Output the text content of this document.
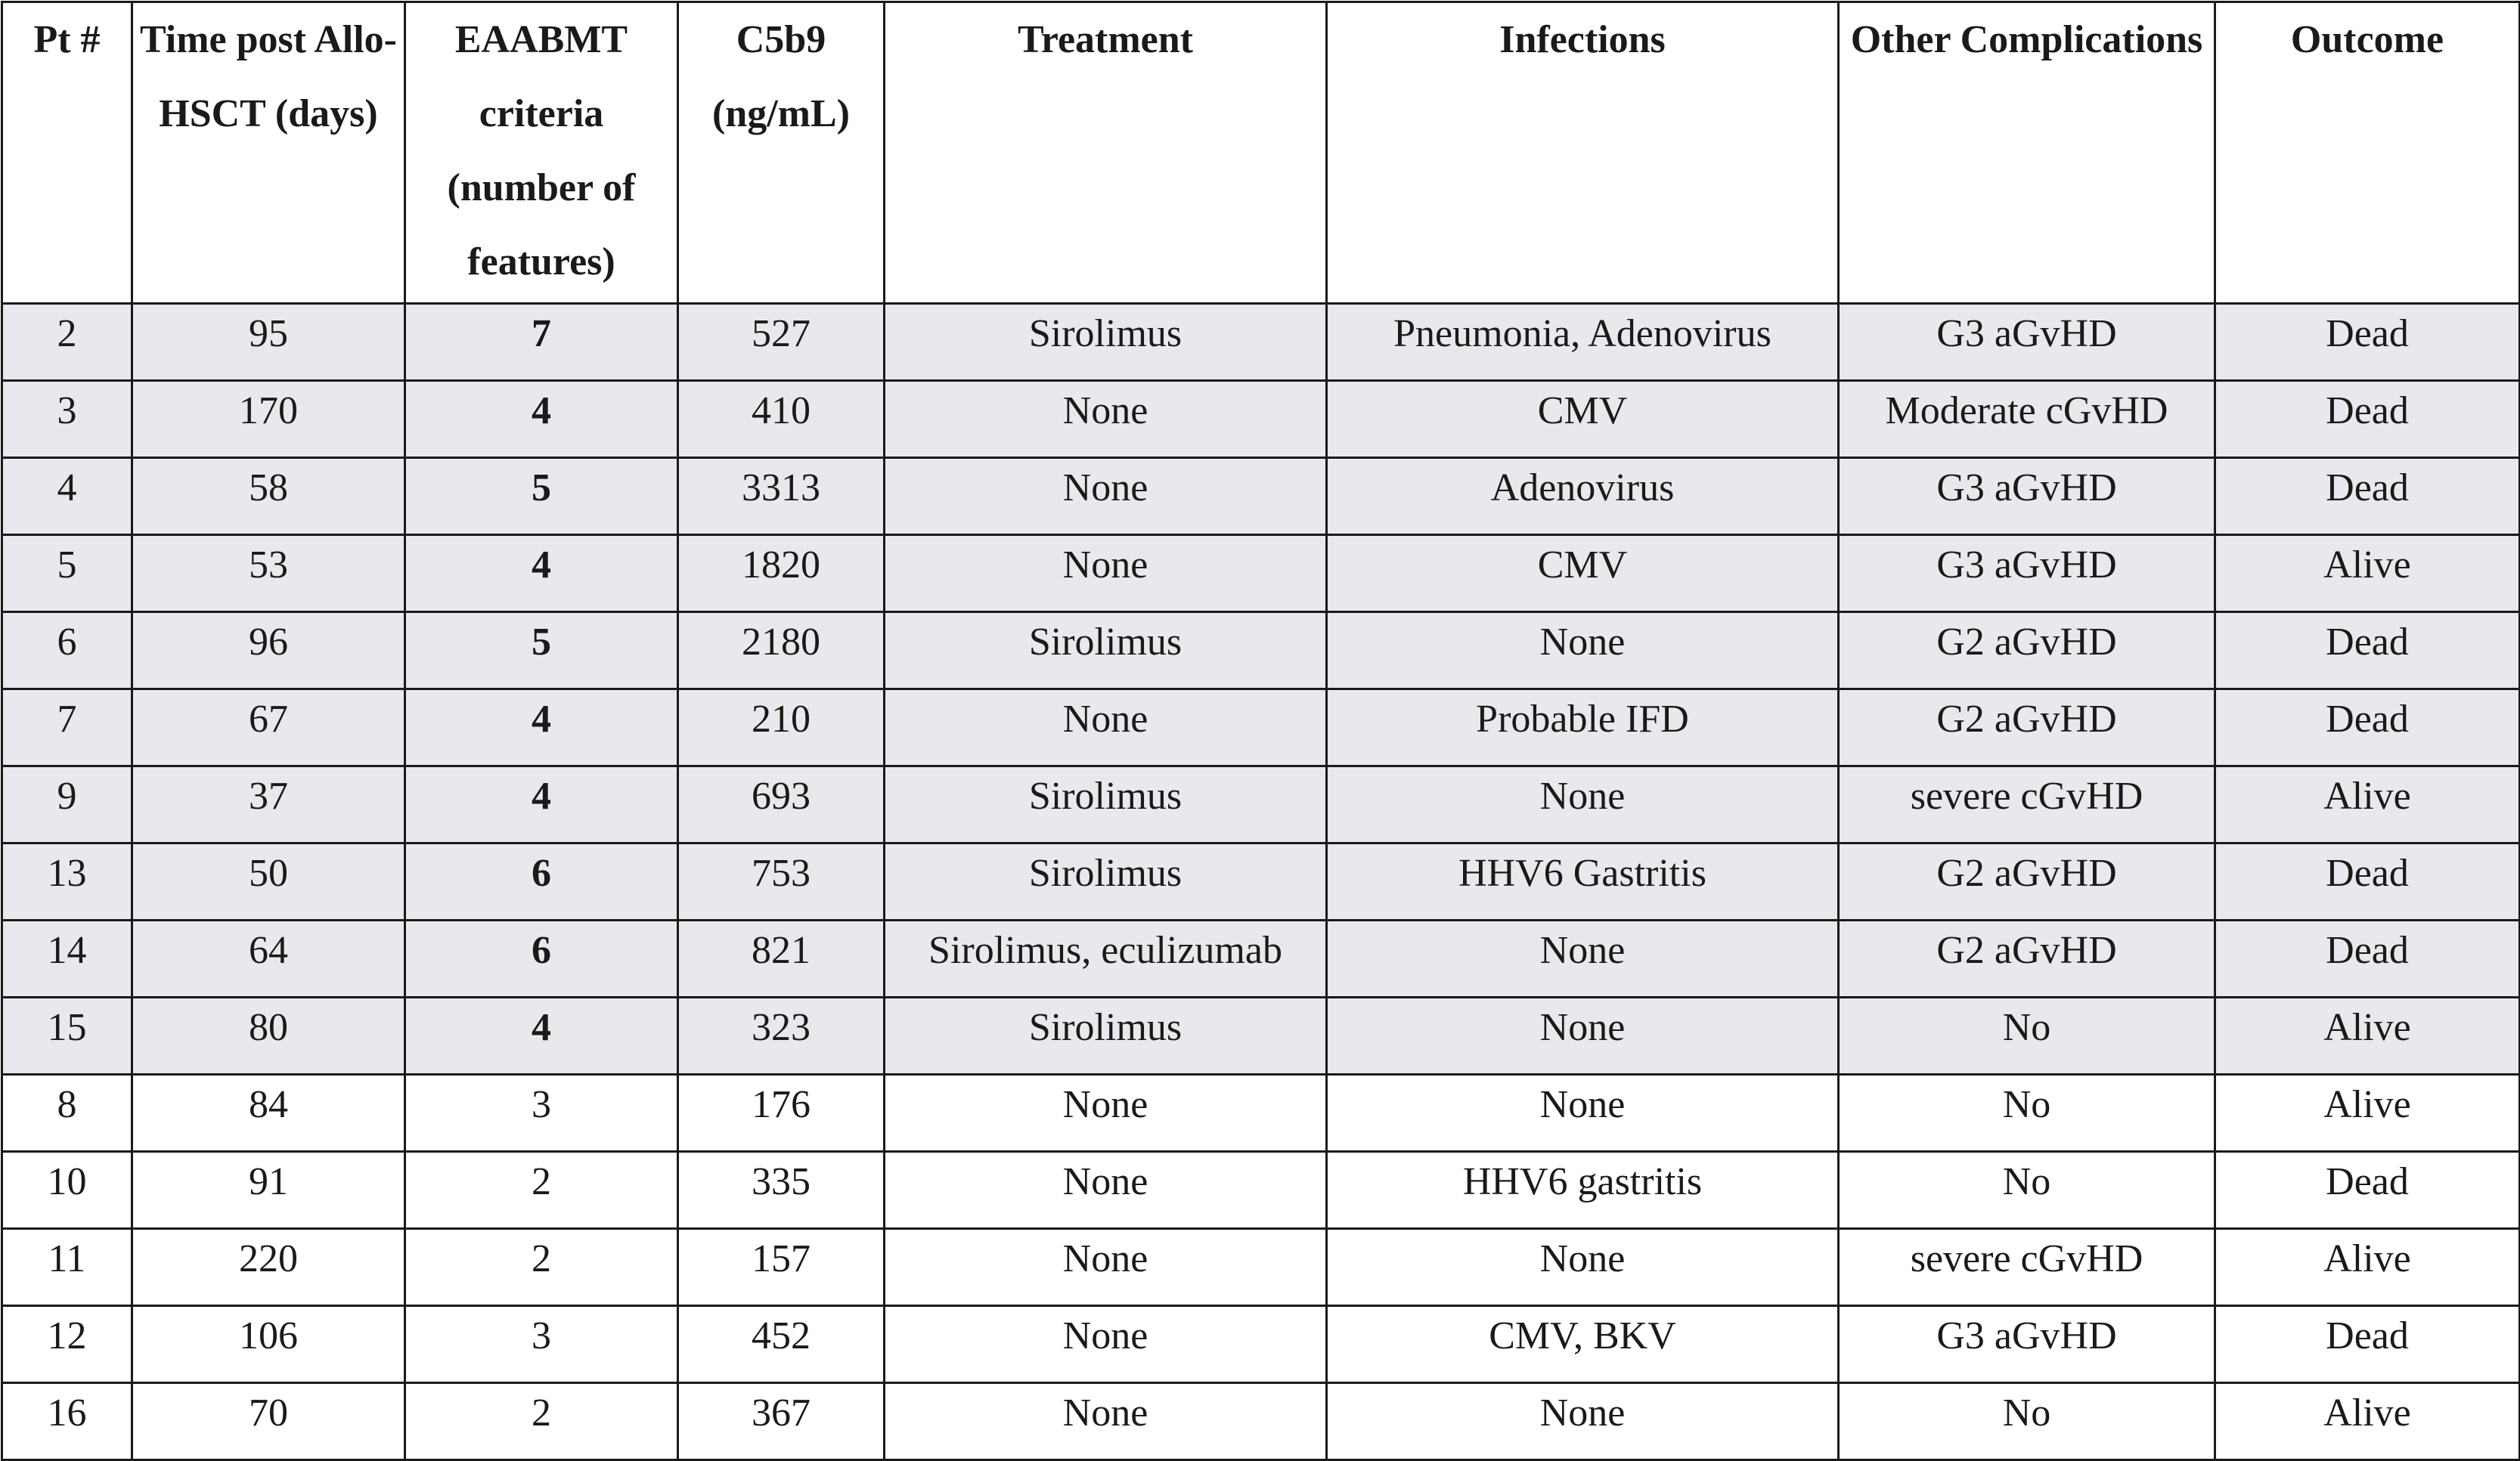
Pt #	Time post Allo-HSCT (days)	EAABMT criteria (number of features)	C5b9 (ng/mL)	Treatment	Infections	Other Complications	Outcome
2	95	7	527	Sirolimus	Pneumonia, Adenovirus	G3 aGvHD	Dead
3	170	4	410	None	CMV	Moderate cGvHD	Dead
4	58	5	3313	None	Adenovirus	G3 aGvHD	Dead
5	53	4	1820	None	CMV	G3 aGvHD	Alive
6	96	5	2180	Sirolimus	None	G2 aGvHD	Dead
7	67	4	210	None	Probable IFD	G2 aGvHD	Dead
9	37	4	693	Sirolimus	None	severe cGvHD	Alive
13	50	6	753	Sirolimus	HHV6 Gastritis	G2 aGvHD	Dead
14	64	6	821	Sirolimus, eculizumab	None	G2 aGvHD	Dead
15	80	4	323	Sirolimus	None	No	Alive
8	84	3	176	None	None	No	Alive
10	91	2	335	None	HHV6 gastritis	No	Dead
11	220	2	157	None	None	severe cGvHD	Alive
12	106	3	452	None	CMV, BKV	G3 aGvHD	Dead
16	70	2	367	None	None	No	Alive
